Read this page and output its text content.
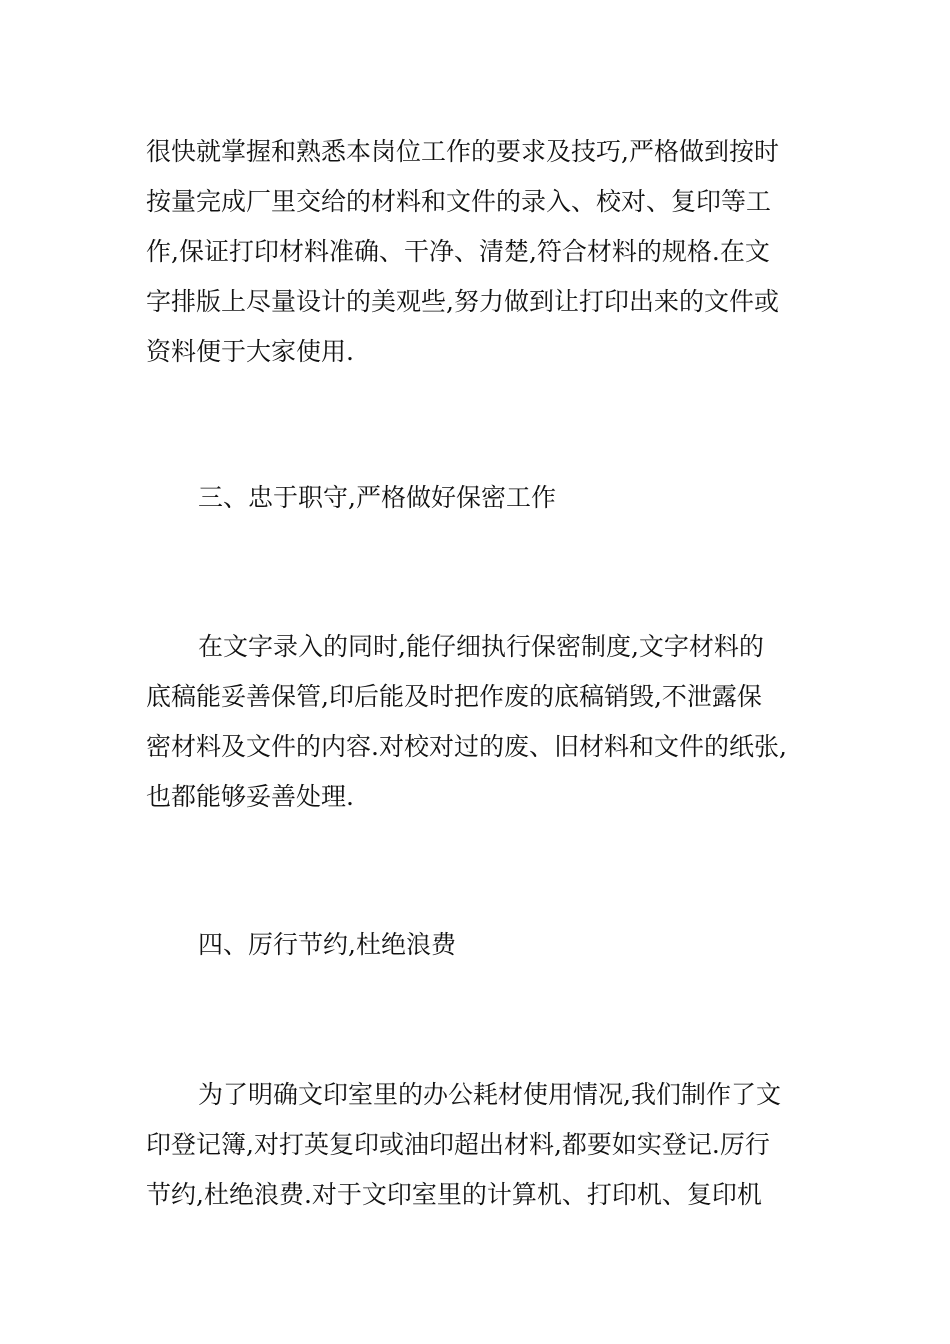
很快就掌握和熟悉本岗位工作的要求及技巧,严格做到按时
按量完成厂里交给的材料和文件的录入、校对、复印等工
作,保证打印材料准确、干净、清楚,符合材料的规格.在文
字排版上尽量设计的美观些,努力做到让打印出来的文件或
资料便于大家使用.
三、忠于职守,严格做好保密工作
在文字录入的同时,能仔细执行保密制度,文字材料的
底稿能妥善保管,印后能及时把作废的底稿销毁,不泄露保
密材料及文件的内容.对校对过的废、旧材料和文件的纸张,
也都能够妥善处理.
四、厉行节约,杜绝浪费
为了明确文印室里的办公耗材使用情况,我们制作了文
印登记簿,对打英复印或油印超出材料,都要如实登记.厉行
节约,杜绝浪费.对于文印室里的计算机、打印机、复印机
